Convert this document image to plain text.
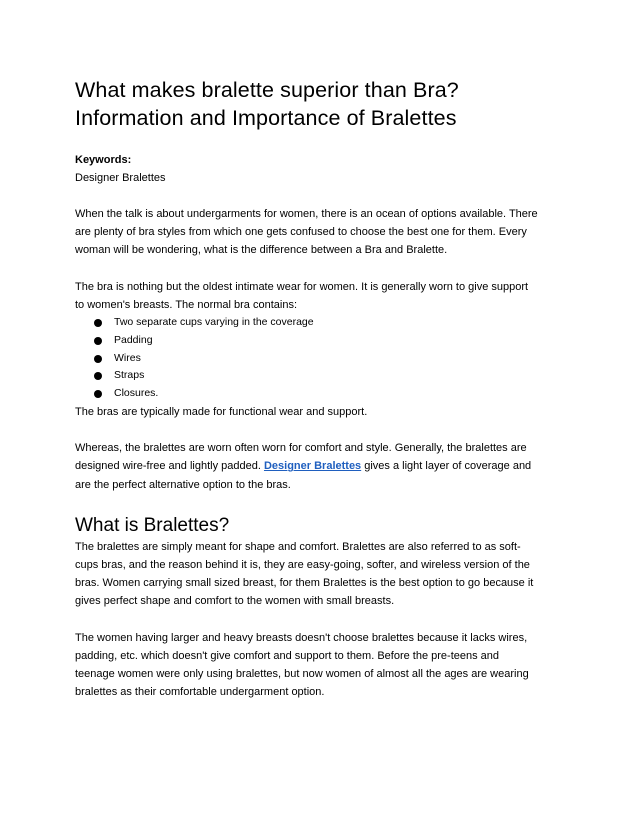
What makes bralette superior than Bra?
Information and Importance of Bralettes
Keywords:
Designer Bralettes

When the talk is about undergarments for women, there is an ocean of options available. There
are plenty of bra styles from which one gets confused to choose the best one for them. Every
woman will be wondering, what is the difference between a Bra and Bralette.

The bra is nothing but the oldest intimate wear for women. It is generally worn to give support
to women's breasts. The normal bra contains:

Two separate cups varying in the coverage
Padding
Wires
Straps
Closures.

The bras are typically made for functional wear and support.

Whereas, the bralettes are worn often worn for comfort and style. Generally, the bralettes are
designed wire-free and lightly padded. Designer Bralettes gives a light layer of coverage and
are the perfect alternative option to the bras.

What is Bralettes?

The bralettes are simply meant for shape and comfort. Bralettes are also referred to as soft-
cups bras, and the reason behind it is, they are easy-going, softer, and wireless version of the
bras. Women carrying small sized breast, for them Bralettes is the best option to go because it
gives perfect shape and comfort to the women with small breasts.

The women having larger and heavy breasts doesn't choose bralettes because it lacks wires,
padding, etc. which doesn't give comfort and support to them. Before the pre-teens and
teenage women were only using bralettes, but now women of almost all the ages are wearing
bralettes as their comfortable undergarment option.
